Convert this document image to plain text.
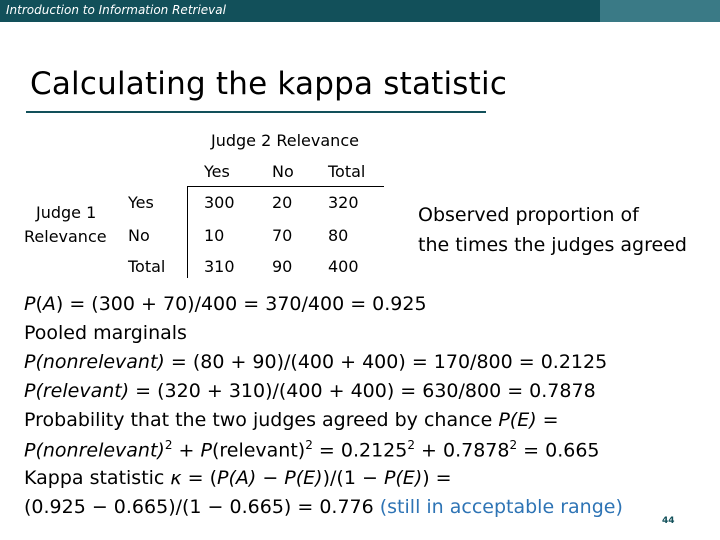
Introduction to Information Retrieval
Calculating the kappa statistic
Judge 2 Relevance
Yes	No Total
Judge 1
Relevance
Yes
No
Total
300 20 320
10	70 80
310 90 400
Observed proportion of
the times the judges agreed
P(A) = (300 + 70)/400 = 370/400 = 0.925
Pooled marginals
P(nonrelevant) = (80 + 90)/(400 + 400) = 170/800 = 0.2125
P(relevant) = (320 + 310)/(400 + 400) = 630/800 = 0.7878
Probability that the two judges agreed by chance P(E) =
P(nonrelevant)$^2$ + P(relevant)$^2$ = $0.2125^2 + 0.7878^2 = 0.665$
Kappa statistic κ = (P(A) − P(E))/(1 − P(E)) =
(0.925 − 0.665)/(1 − 0.665) = 0.776 (still in acceptable range)
44
